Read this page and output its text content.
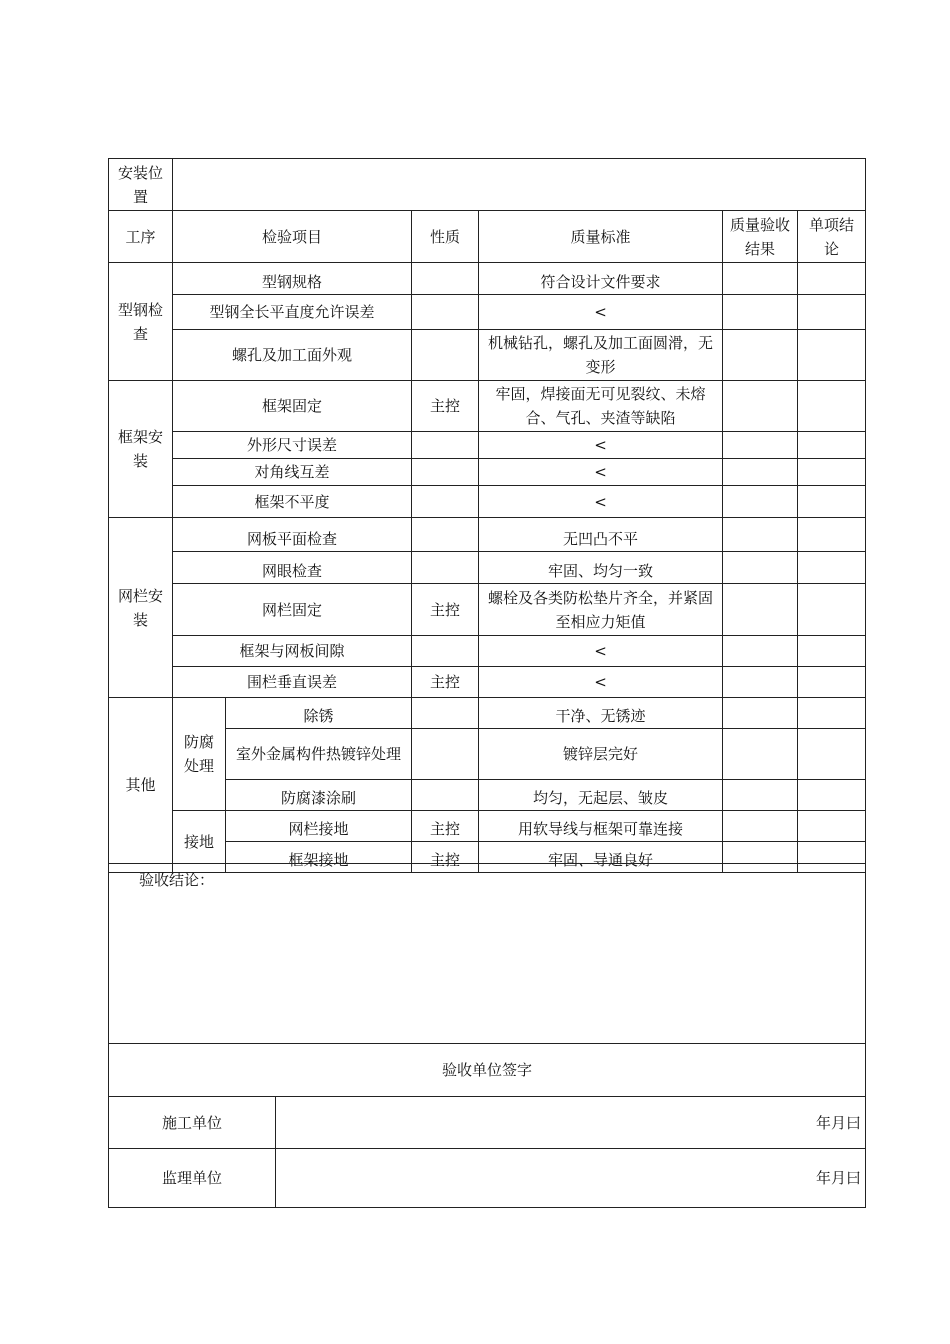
安装位置						
工序	检验项目		性质	质量标准	质量验收结果	单项结论
型钢检查	型钢规格			符合设计文件要求		
	型钢全长平直度允许误差			<		
	螺孔及加工面外观			机械钻孔，螺孔及加工面圆滑，无变形		
框架安装	框架固定		主控	牢固，焊接面无可见裂纹、未熔合、气孔、夹渣等缺陷		
	外形尺寸误差			<		
	对角线互差			<		
	框架不平度			<		
网栏安装	网板平面检查			无凹凸不平		
	网眼检查			牢固、均匀一致		
	网栏固定		主控	螺栓及各类防松垫片齐全，并紧固至相应力矩值		
	框架与网板间隙			<		
	围栏垂直误差		主控	<		
其他	防腐处理	除锈		干净、无锈迹		
		室外金属构件热镀锌处理		镀锌层完好		
		防腐漆涂刷		均匀，无起层、皱皮		
	接地	网栏接地	主控	用软导线与框架可靠连接		
		框架接地	主控	牢固、导通良好		
验收结论：	
验收单位签字	
施工单位	年月曰
监理单位	年月曰
